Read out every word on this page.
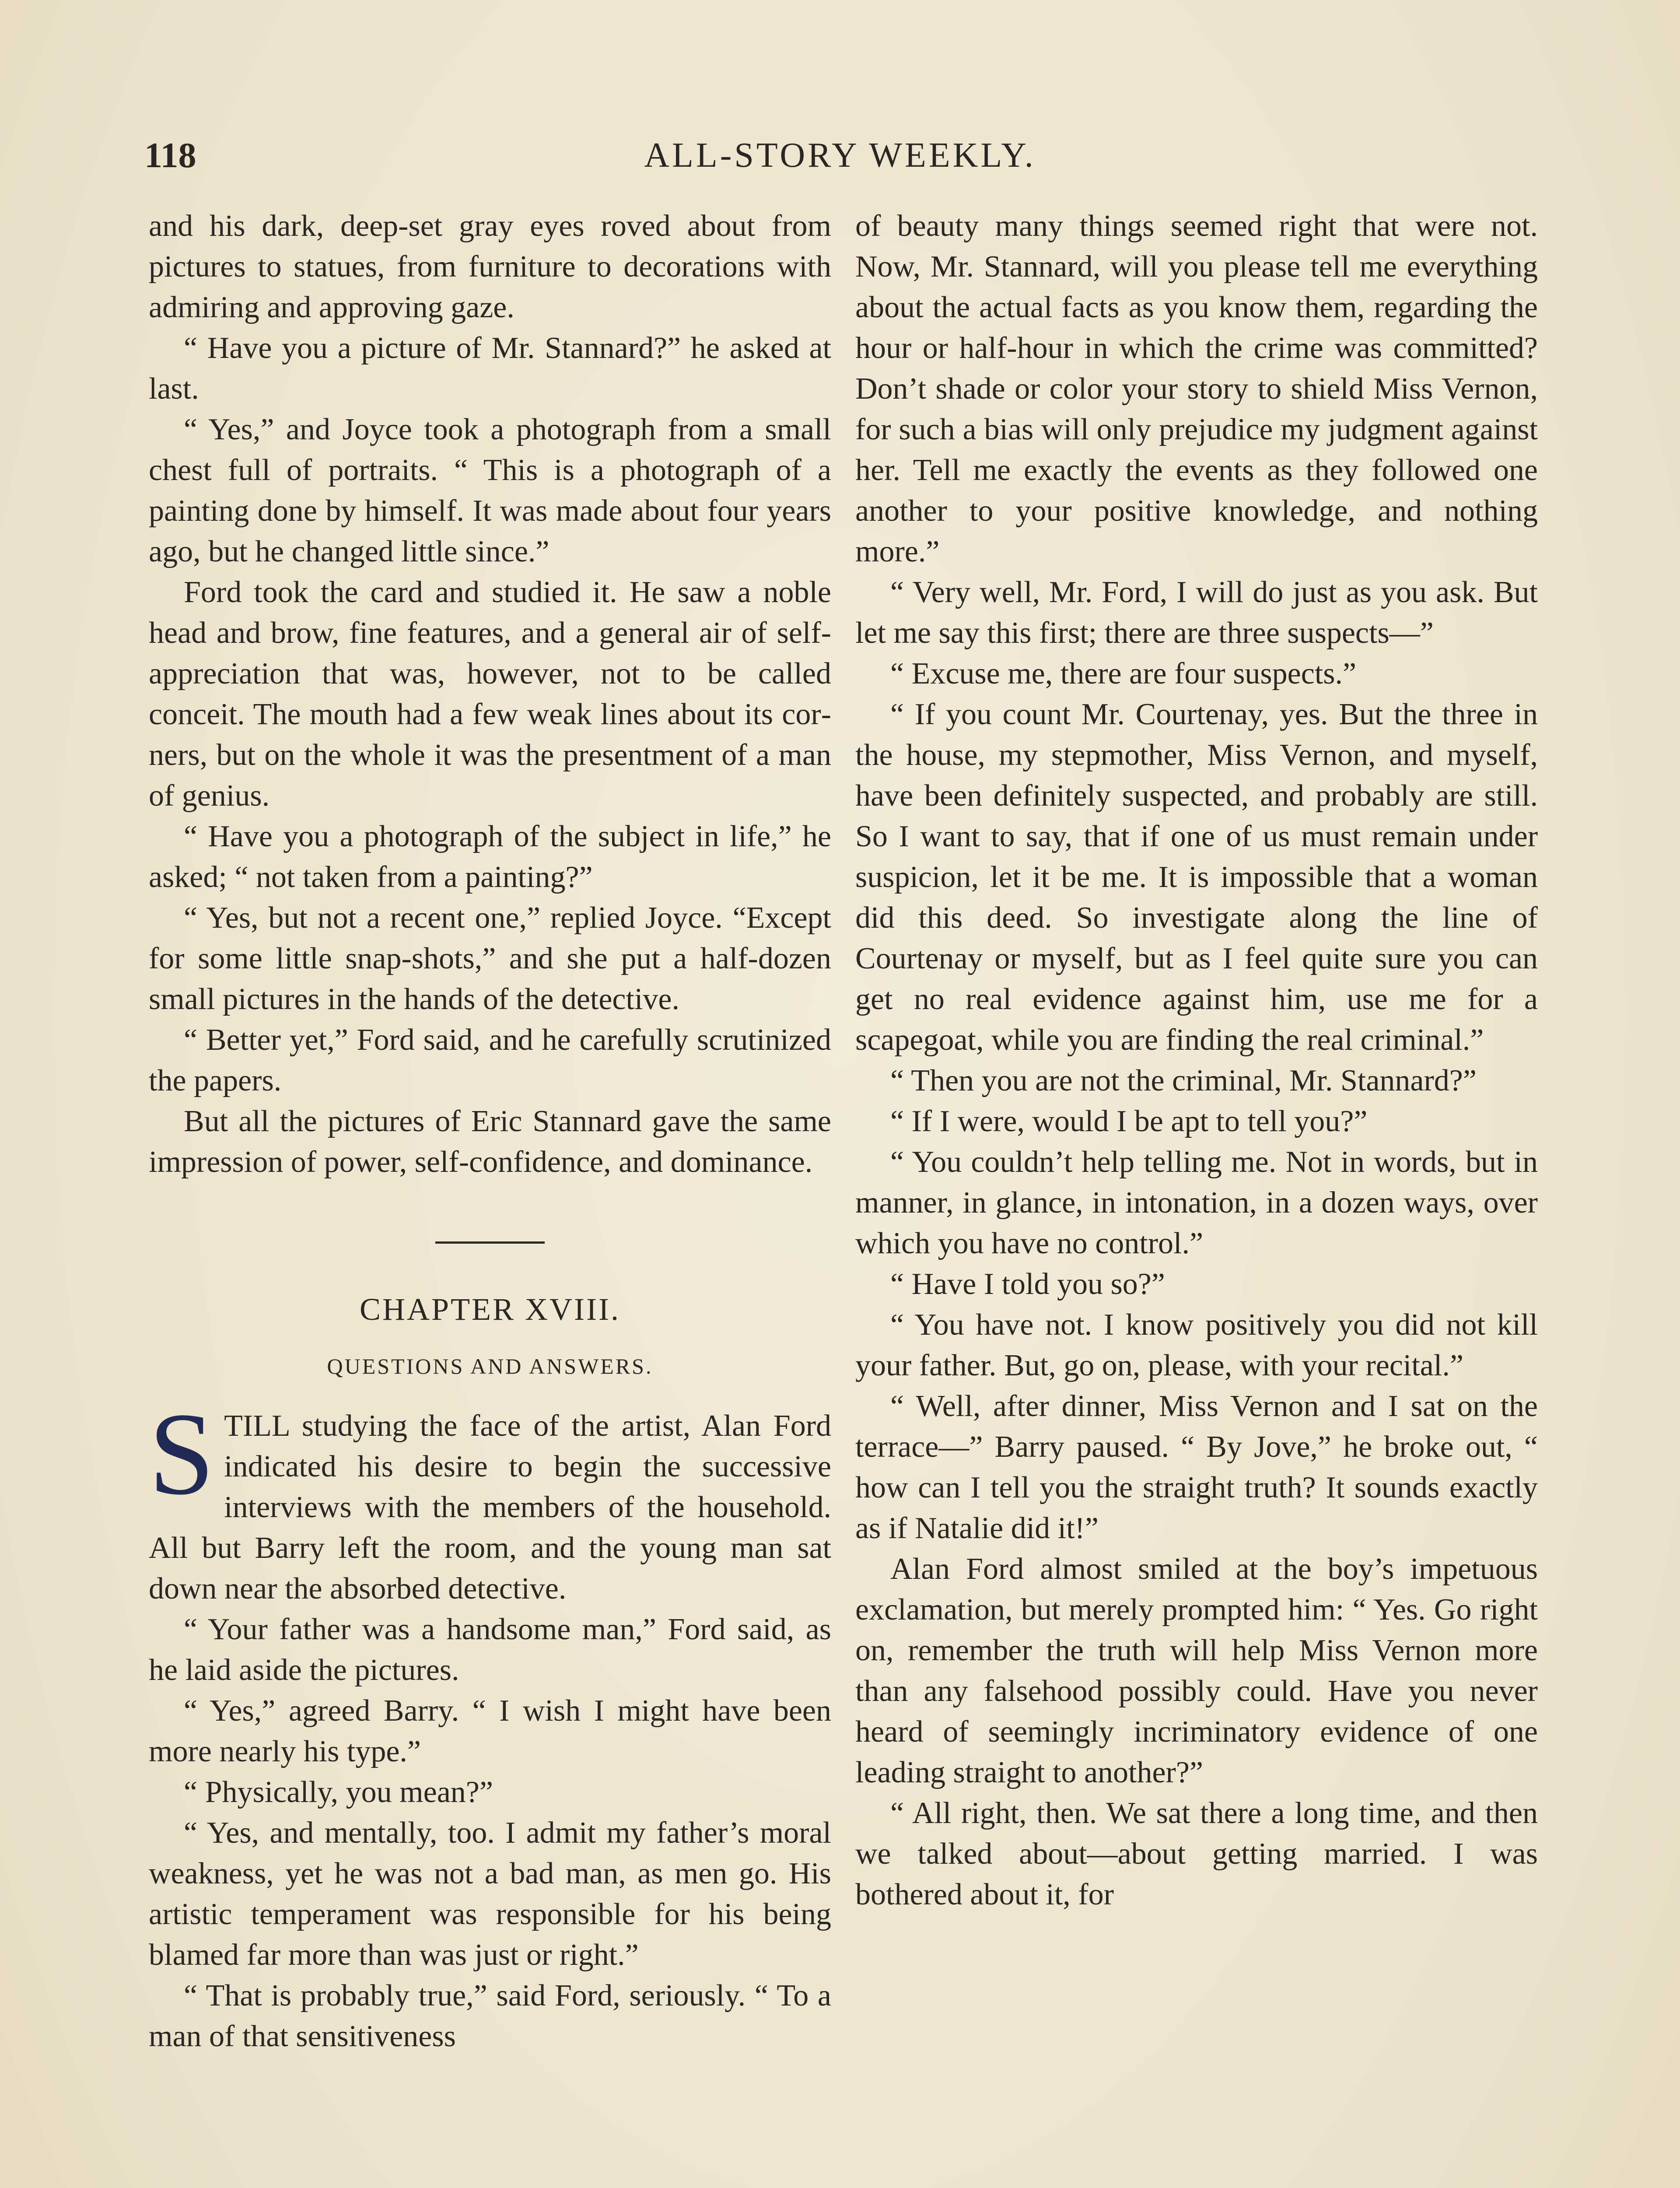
118	ALL-STORY WEEKLY.

and his dark, deep-set gray eyes roved about from pictures to statues, from furniture to decorations with admiring and approving gaze.

“ Have you a picture of Mr. Stannard?” he asked at last.

“ Yes,” and Joyce took a photograph from a small chest full of portraits. “ This is a photograph of a painting done by himself. It was made about four years ago, but he changed little since.”

Ford took the card and studied it. He saw a noble head and brow, fine features, and a general air of self-appreciation that was, however, not to be called conceit. The mouth had a few weak lines about its corners, but on the whole it was the presentment of a man of genius.

“ Have you a photograph of the subject in life,” he asked; “ not taken from a painting?”

“ Yes, but not a recent one,” replied Joyce. “Except for some little snap-shots,” and she put a half-dozen small pictures in the hands of the detective.

“ Better yet,” Ford said, and he carefully scrutinized the papers.

But all the pictures of Eric Stannard gave the same impression of power, self-confidence, and dominance.

CHAPTER XVIII.
QUESTIONS AND ANSWERS.

STILL studying the face of the artist, Alan Ford indicated his desire to begin the successive interviews with the members of the household. All but Barry left the room, and the young man sat down near the absorbed detective.

“ Your father was a handsome man,” Ford said, as he laid aside the pictures.

“ Yes,” agreed Barry. “ I wish I might have been more nearly his type.”

“ Physically, you mean?”

“ Yes, and mentally, too. I admit my father’s moral weakness, yet he was not a bad man, as men go. His artistic temperament was responsible for his being blamed far more than was just or right.”

“ That is probably true,” said Ford, seriously. “ To a man of that sensitiveness

of beauty many things seemed right that were not. Now, Mr. Stannard, will you please tell me everything about the actual facts as you know them, regarding the hour or half-hour in which the crime was committed? Don’t shade or color your story to shield Miss Vernon, for such a bias will only prejudice my judgment against her. Tell me exactly the events as they followed one another to your positive knowledge, and nothing more.”

“ Very well, Mr. Ford, I will do just as you ask. But let me say this first; there are three suspects—”

“ Excuse me, there are four suspects.”

“ If you count Mr. Courtenay, yes. But the three in the house, my stepmother, Miss Vernon, and myself, have been definitely suspected, and probably are still. So I want to say, that if one of us must remain under suspicion, let it be me. It is impossible that a woman did this deed. So investigate along the line of Courtenay or myself, but as I feel quite sure you can get no real evidence against him, use me for a scapegoat, while you are finding the real criminal.”

“ Then you are not the criminal, Mr. Stannard?”

“ If I were, would I be apt to tell you?”

“ You couldn’t help telling me. Not in words, but in manner, in glance, in intonation, in a dozen ways, over which you have no control.”

“ Have I told you so?”

“ You have not. I know positively you did not kill your father. But, go on, please, with your recital.”

“ Well, after dinner, Miss Vernon and I sat on the terrace—” Barry paused. “ By Jove,” he broke out, “ how can I tell you the straight truth? It sounds exactly as if Natalie did it!”

Alan Ford almost smiled at the boy’s impetuous exclamation, but merely prompted him: “ Yes. Go right on, remember the truth will help Miss Vernon more than any falsehood possibly could. Have you never heard of seemingly incriminatory evidence of one leading straight to another?”

“ All right, then. We sat there a long time, and then we talked about—about getting married. I was bothered about it, for
